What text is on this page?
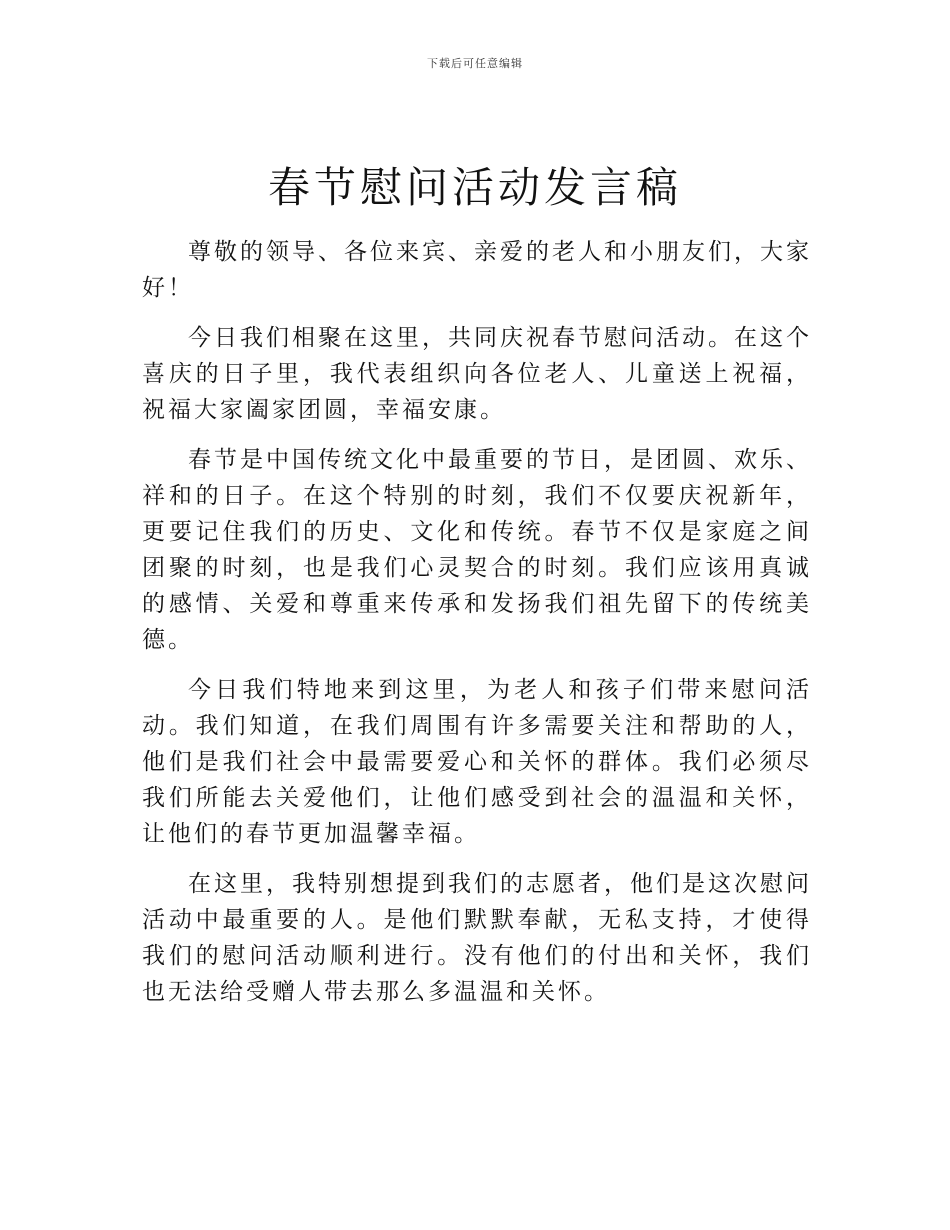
下载后可任意编辑
春节慰问活动发言稿

尊敬的领导、各位来宾、亲爱的老人和小朋友们，大家好！

今日我们相聚在这里，共同庆祝春节慰问活动。在这个喜庆的日子里，我代表组织向各位老人、儿童送上祝福，祝福大家阖家团圆，幸福安康。

春节是中国传统文化中最重要的节日，是团圆、欢乐、祥和的日子。在这个特别的时刻，我们不仅要庆祝新年，更要记住我们的历史、文化和传统。春节不仅是家庭之间团聚的时刻，也是我们心灵契合的时刻。我们应该用真诚的感情、关爱和尊重来传承和发扬我们祖先留下的传统美德。

今日我们特地来到这里，为老人和孩子们带来慰问活动。我们知道，在我们周围有许多需要关注和帮助的人，他们是我们社会中最需要爱心和关怀的群体。我们必须尽我们所能去关爱他们，让他们感受到社会的温温和关怀，让他们的春节更加温馨幸福。

在这里，我特别想提到我们的志愿者，他们是这次慰问活动中最重要的人。是他们默默奉献，无私支持，才使得我们的慰问活动顺利进行。没有他们的付出和关怀，我们也无法给受赠人带去那么多温温和关怀。
